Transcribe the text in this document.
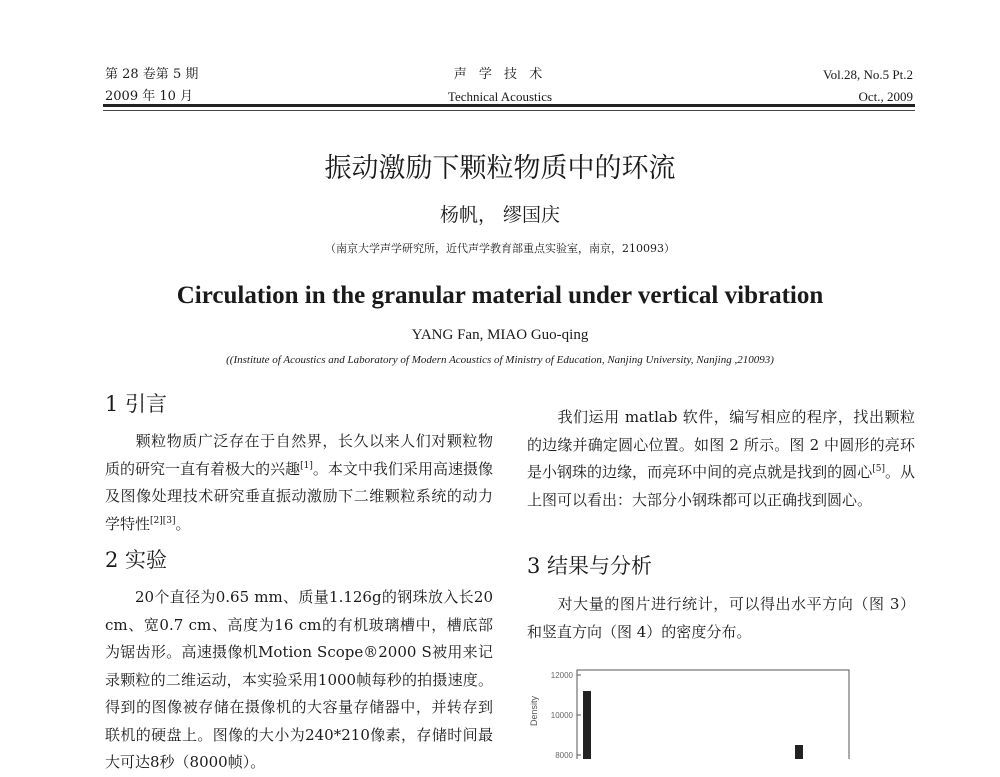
第 28 卷第 5 期
2009 年 10 月
声 学 技 术
Technical Acoustics
Vol.28, No.5 Pt.2
Oct., 2009
振动激励下颗粒物质中的环流
杨帆， 缪国庆
（南京大学声学研究所，近代声学教育部重点实验室，南京，210093）
Circulation in the granular material under vertical vibration
YANG Fan, MIAO Guo-qing
((Institute of Acoustics and Laboratory of Modern Acoustics of Ministry of Education, Nanjing University, Nanjing ,210093)
1 引言
颗粒物质广泛存在于自然界，长久以来人们对颗粒物质的研究一直有着极大的兴趣[1]。本文中我们采用高速摄像及图像处理技术研究垂直振动激励下二维颗粒系统的动力学特性[2][3]。
2 实验
20个直径为0.65 mm、质量1.126g的钢珠放入长20 cm、宽0.7 cm、高度为16 cm的有机玻璃槽中，槽底部为锯齿形。高速摄像机Motion Scope®2000 S被用来记录颗粒的二维运动，本实验采用1000帧每秒的拍摄速度。得到的图像被存储在摄像机的大容量存储器中，并转存到联机的硬盘上。图像的大小为240*210像素，存储时间最大可达8秒（8000帧）。
我们运用 matlab 软件，编写相应的程序，找出颗粒的边缘并确定圆心位置。如图 2 所示。图 2 中圆形的亮环是小钢珠的边缘，而亮环中间的亮点就是找到的圆心[5]。从上图可以看出：大部分小钢珠都可以正确找到圆心。
3 结果与分析
对大量的图片进行统计，可以得出水平方向（图 3）和竖直方向（图 4）的密度分布。
Density
12000
10000
8000
